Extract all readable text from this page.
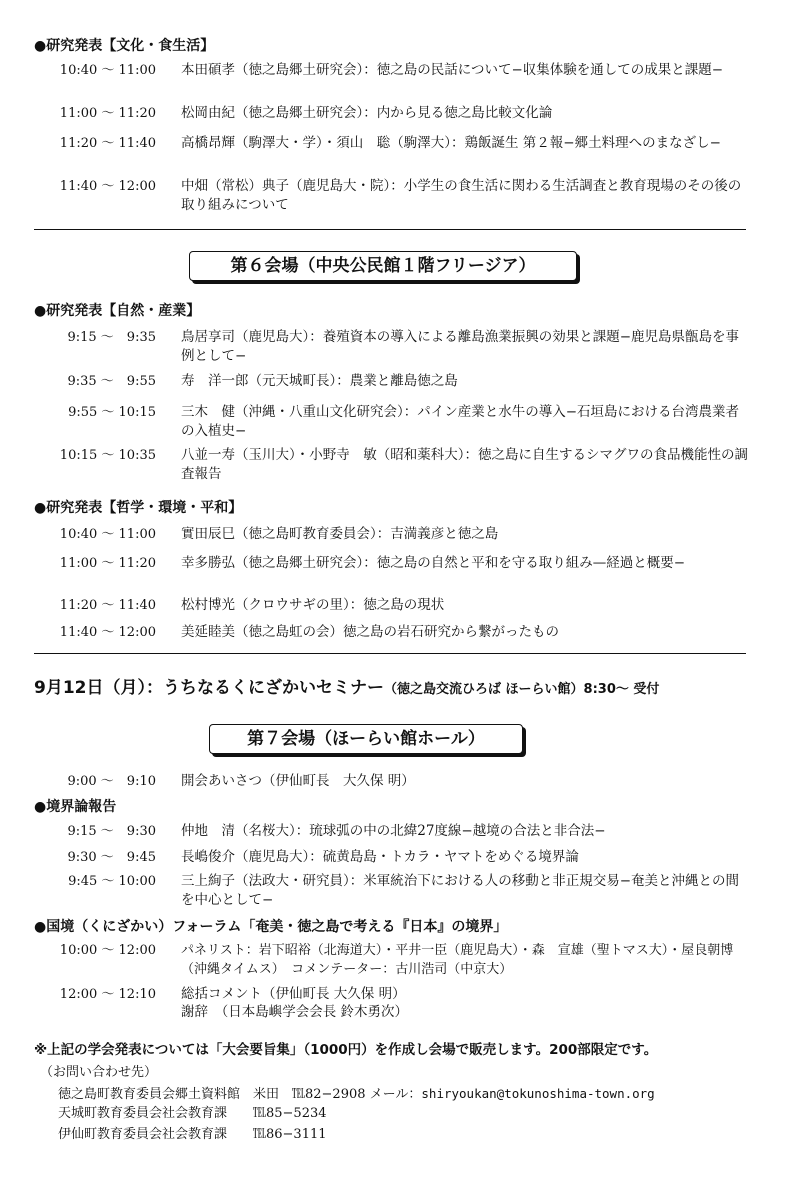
●研究発表【文化・食生活】
10:40 〜 11:00 本田碩孝（徳之島郷土研究会）：徳之島の民話について−収集体験を通しての成果と課題−
11:00 〜 11:20 松岡由紀（徳之島郷土研究会）：内から見る徳之島比較文化論
11:20 〜 11:40 高橋昂輝（駒澤大・学）・須山　聡（駒澤大）：鶏飯誕生 第２報−郷土料理へのまなざし−
11:40 〜 12:00 中畑（常松）典子（鹿児島大・院）：小学生の食生活に関わる生活調査と教育現場のその後の取り組みについて
第６会場（中央公民館１階フリージア）
●研究発表【自然・産業】
9:15 〜　9:35 鳥居享司（鹿児島大）：養殖資本の導入による離島漁業振興の効果と課題−鹿児島県甑島を事例として−
9:35 〜　9:55 寿　洋一郎（元天城町長）：農業と離島徳之島
9:55 〜 10:15 三木　健（沖縄・八重山文化研究会）：パイン産業と水牛の導入−石垣島における台湾農業者の入植史−
10:15 〜 10:35 八並一寿（玉川大）・小野寺　敏（昭和薬科大）：徳之島に自生するシマグワの食品機能性の調査報告
●研究発表【哲学・環境・平和】
10:40 〜 11:00 實田辰巳（徳之島町教育委員会）：吉満義彦と徳之島
11:00 〜 11:20 幸多勝弘（徳之島郷土研究会）：徳之島の自然と平和を守る取り組み—経過と概要−
11:20 〜 11:40 松村博光（クロウサギの里）：徳之島の現状
11:40 〜 12:00 美延睦美（徳之島虹の会）徳之島の岩石研究から繋がったもの
9月12日（月）：うちなるくにざかいセミナー（徳之島交流ひろば ほーらい館）8:30〜 受付
第７会場（ほーらい館ホール）
9:00 〜　9:10 開会あいさつ（伊仙町長　大久保 明）
●境界論報告
9:15 〜　9:30 仲地　清（名桜大）：琉球弧の中の北緯27度線−越境の合法と非合法−
9:30 〜　9:45 長嶋俊介（鹿児島大）：硫黄島島・トカラ・ヤマトをめぐる境界論
9:45 〜 10:00 三上絢子（法政大・研究員）：米軍統治下における人の移動と非正規交易−奄美と沖縄との間を中心として−
●国境（くにざかい）フォーラム「奄美・徳之島で考える『日本』の境界」
10:00 〜 12:00 パネリスト：岩下昭裕（北海道大）・平井一臣（鹿児島大）・森　宣雄（聖トマス大）・屋良朝博（沖縄タイムス）　コメンテーター：古川浩司（中京大）
12:00 〜 12:10 総括コメント（伊仙町長 大久保 明）
謝辞　（日本島嶼学会会長 鈴木勇次）
※上記の学会発表については「大会要旨集」（1000円）を作成し会場で販売します。200部限定です。
（お問い合わせ先）
徳之島町教育委員会郷土資料館　米田　℡82−2908 メール：shiryoukan@tokunoshima-town.org
天城町教育委員会社会教育課　　℡85−5234
伊仙町教育委員会社会教育課　　℡86−3111
